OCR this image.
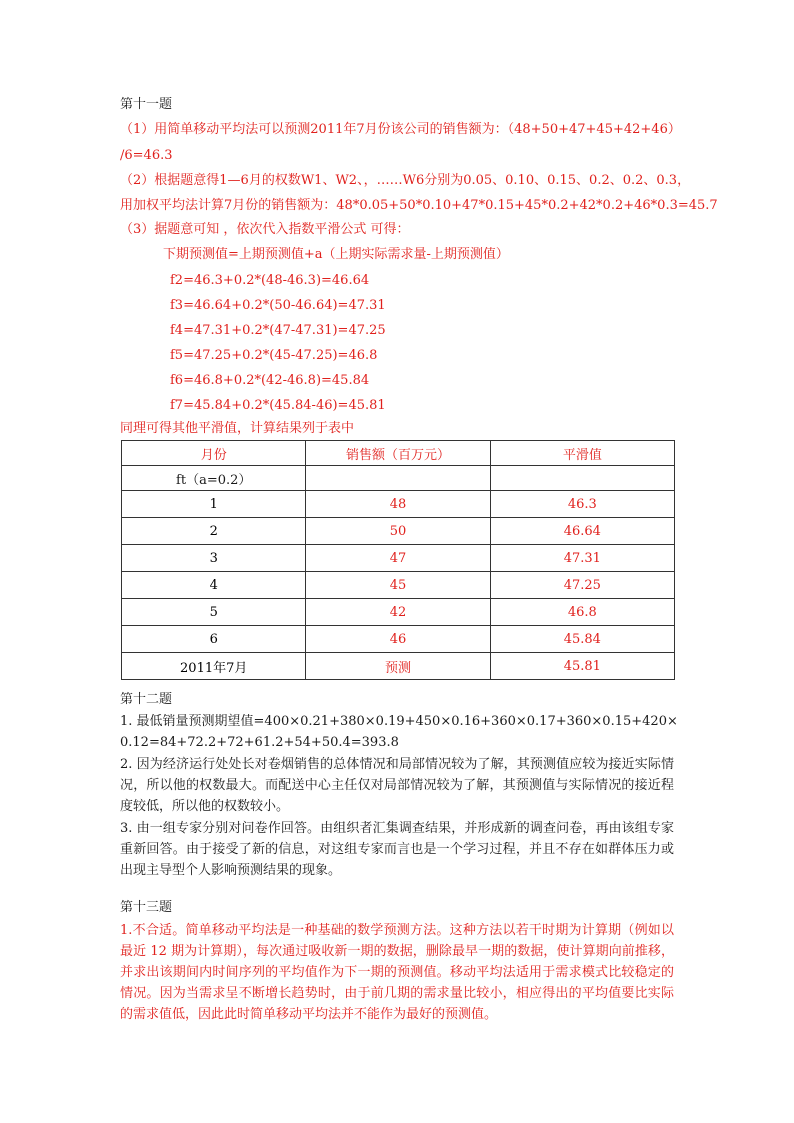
第十一题
（1）用简单移动平均法可以预测2011年7月份该公司的销售额为：（48+50+47+45+42+46）
/6=46.3
（2）根据题意得1—6月的权数W1、W2、，……W6分别为0.05、0.10、0.15、0.2、0.2、0.3，
用加权平均法计算7月份的销售额为：48*0.05+50*0.10+47*0.15+45*0.2+42*0.2+46*0.3=45.7
（3）据题意可知 ，依次代入指数平滑公式 可得：
下期预测值=上期预测值+a（上期实际需求量-上期预测值）
f2=46.3+0.2*(48-46.3)=46.64
f3=46.64+0.2*(50-46.64)=47.31
f4=47.31+0.2*(47-47.31)=47.25
f5=47.25+0.2*(45-47.25)=46.8
f6=46.8+0.2*(42-46.8)=45.84
f7=45.84+0.2*(45.84-46)=45.81
同理可得其他平滑值，计算结果列于表中
月份	销售额（百万元）	平滑值
ft（a=0.2）		
1	48	46.3
2	50	46.64
3	47	47.31
4	45	47.25
5	42	46.8
6	46	45.84
2011年7月	预测	45.81
第十二题
1. 最低销量预测期望值=400×0.21+380×0.19+450×0.16+360×0.17+360×0.15+420×
0.12=84+72.2+72+61.2+54+50.4=393.8
2. 因为经济运行处处长对卷烟销售的总体情况和局部情况较为了解，其预测值应较为接近实际情况，所以他的权数最大。而配送中心主任仅对局部情况较为了解，其预测值与实际情况的接近程度较低，所以他的权数较小。
3. 由一组专家分别对问卷作回答。由组织者汇集调查结果，并形成新的调查问卷，再由该组专家重新回答。由于接受了新的信息，对这组专家而言也是一个学习过程，并且不存在如群体压力或出现主导型个人影响预测结果的现象。
第十三题
1.不合适。简单移动平均法是一种基础的数学预测方法。这种方法以若干时期为计算期（例如以最近 12 期为计算期），每次通过吸收新一期的数据，删除最早一期的数据，使计算期向前推移，并求出该期间内时间序列的平均值作为下一期的预测值。移动平均法适用于需求模式比较稳定的情况。因为当需求呈不断增长趋势时，由于前几期的需求量比较小，相应得出的平均值要比实际的需求值低，因此此时简单移动平均法并不能作为最好的预测值。
